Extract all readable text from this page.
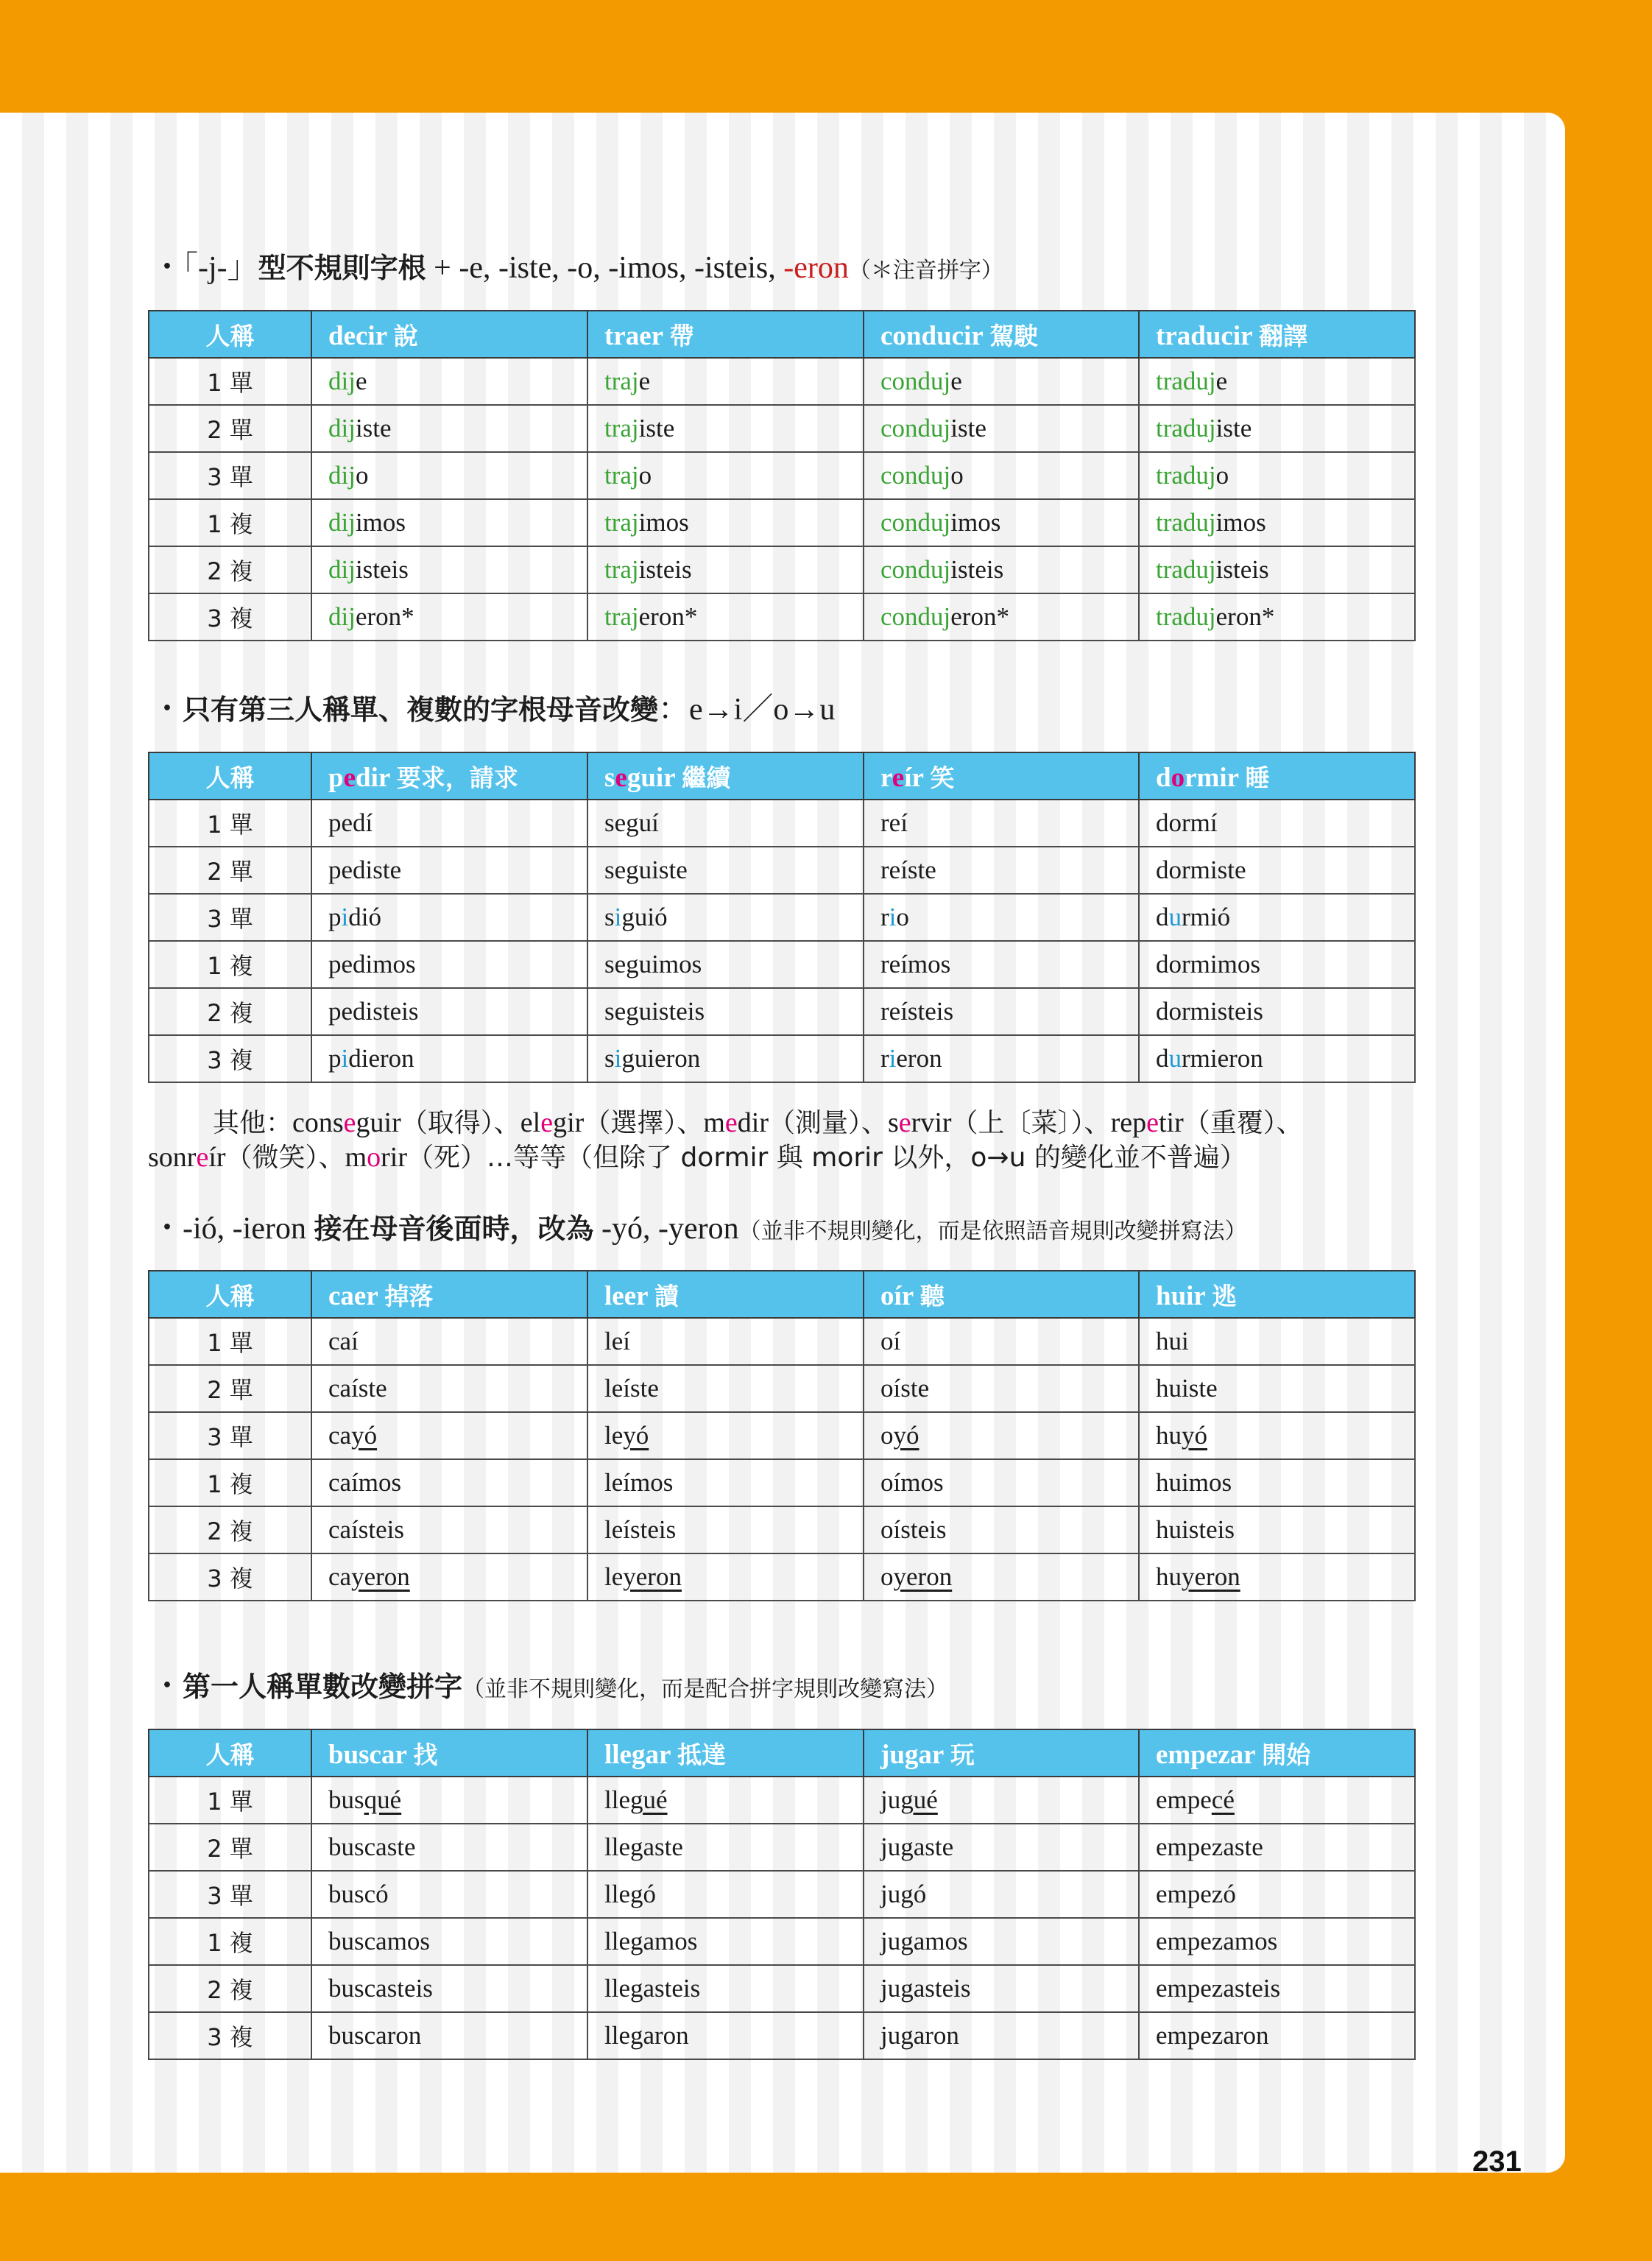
・「-j-」型不規則字根 + -e, -iste, -o, -imos, -isteis, -eron（＊注音拼字）
人稱	decir 說	traer 帶	conducir 駕駛	traducir 翻譯
1 單	dije	traje	conduje	traduje
2 單	dijiste	trajiste	condujiste	tradujiste
3 單	dijo	trajo	condujo	tradujo
1 複	dijimos	trajimos	condujimos	tradujimos
2 複	dijisteis	trajisteis	condujisteis	tradujisteis
3 複	dijeron*	trajeron*	condujeron*	tradujeron*
・只有第三人稱單、複數的字根母音改變：e→i／o→u
人稱	pedir 要求，請求	seguir 繼續	reír 笑	dormir 睡
1 單	pedí	seguí	reí	dormí
2 單	pediste	seguiste	reíste	dormiste
3 單	pidió	siguió	rio	durmió
1 複	pedimos	seguimos	reímos	dormimos
2 複	pedisteis	seguisteis	reísteis	dormisteis
3 複	pidieron	siguieron	rieron	durmieron
其他：conseguir（取得）、elegir（選擇）、medir（測量）、servir（上〔菜〕）、repetir（重覆）、
sonreír（微笑）、morir（死）…等等（但除了 dormir 與 morir 以外，o→u 的變化並不普遍）
・-ió, -ieron 接在母音後面時，改為 -yó, -yeron（並非不規則變化，而是依照語音規則改變拼寫法）
人稱	caer 掉落	leer 讀	oír 聽	huir 逃
1 單	caí	leí	oí	hui
2 單	caíste	leíste	oíste	huiste
3 單	cayó	leyó	oyó	huyó
1 複	caímos	leímos	oímos	huimos
2 複	caísteis	leísteis	oísteis	huisteis
3 複	cayeron	leyeron	oyeron	huyeron
・第一人稱單數改變拼字（並非不規則變化，而是配合拼字規則改變寫法）
人稱	buscar 找	llegar 抵達	jugar 玩	empezar 開始
1 單	busqué	llegué	jugué	empecé
2 單	buscaste	llegaste	jugaste	empezaste
3 單	buscó	llegó	jugó	empezó
1 複	buscamos	llegamos	jugamos	empezamos
2 複	buscasteis	llegasteis	jugasteis	empezasteis
3 複	buscaron	llegaron	jugaron	empezaron
231
